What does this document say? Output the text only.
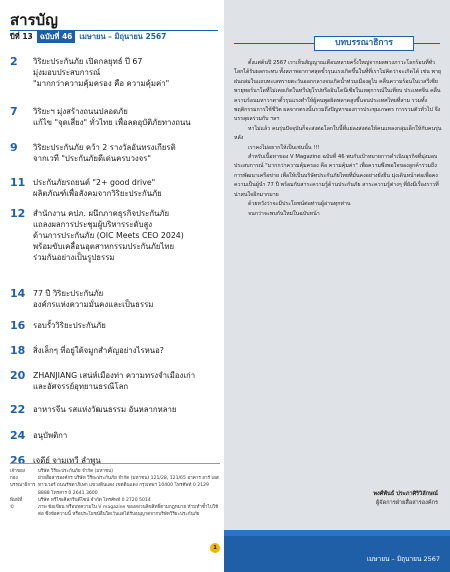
สารบัญ
ปีที่ 13 ฉบับที่ 46 เมษายน – มิถุนายน 2567
2	วิริยะประกันภัย เปิดกลยุทธ์ ปี 67
มุ่งมอบประสบการณ์
"มากกว่าความคุ้มครอง คือ ความคุ้มค่า"
7	วิริยะฯ มุ่งสร้างถนนปลอดภัย
แก้ไข "จุดเสี่ยง" ทั่วไทย เพื่อลดอุบัติภัยทางถนน
9	วิริยะประกันภัย คว้า 2 รางวัลอันทรงเกียรติ
จากเวที "ประกันภัยดีเด่นครบวงจร"
11 ประกันภัยรถยนต์ "2+ good drive"
ผลิตภัณฑ์เพื่อสังคมจากวิริยะประกันภัย
12 สำนักงาน คปภ. ผนึกภาคธุรกิจประกันภัย
แถลงผลการประชุมผู้บริหารระดับสูง
ด้านการประกันภัย (OIC Meets CEO 2024)
พร้อมขับเคลื่อนอุตสาหกรรมประกันภัยไทย
ร่วมกันอย่างเป็นรูปธรรม
14 77 ปี วิริยะประกันภัย
องค์กรแห่งความมั่นคงและเป็นธรรม
16 รอบรั้ววิริยะประกันภัย
18 สิ่งเล็กๆ ที่อยู่ใต้จมูกสำคัญอย่างไรหนอ?
20 ZHANJIANG เสน่ห์เมืองท่า ความทรงจำเมืองเก่า
และอัศจรรย์อุทยานธรณีโลก
22 อาหารจีน รสแห่งวัฒนธรรม อันหลากหลาย
24 อนุบัพติกา
26 เจดีย์ จามเทวี ลำพูน
เจ้าของ	บริษัท วิริยะประกันภัย จำกัด (มหาชน)
กองบรรณาธิการ
ฝ่ายสื่อสารองค์กร บริษัท วิริยะประกันภัย จำกัด (มหาชน) 121/28, 121/65 อาคาร อาร์ เอส ทาวเวอร์ ถนนรัชดาภิเษก แขวงดินแดง เขตดินแดง กรุงเทพฯ 10400 โทรศัพท์ 0 2129 8888 โทรสาร 0 2641 3600
พิมพ์ที่	บริษัท ทรีไซเคิลกรีนดีไซน์ จำกัด โทรศัพท์ 0 2720 5014
©	ภาพ ข้อเขียน หรือบทความใน V magazine ของสงวนลิขสิทธิ์ตามกฎหมาย ห้ามทำซ้ำไปใช้ต่อ ซึ่งข้อความนี้ หรือประโยชน์อื่นใดเว้นแต่ได้รับอนุญาตจากบริษัทวิริยะประกันภัย
บทบรรณาธิการ

ตั้งแต่ต้นปี 2567 เราเห็นสัญญาณเตือนหลายครั้งใหญ่จากผลพวงภาวะโลกร้อนที่ทั่วโลกได้รับผลกระทบ ทั้งสภาพอากาศสุดขั้วรุนแรงเกิดขึ้นในที่ที่เราไม่คิดว่าจะเกิดได้ เช่น พายุฝนถล่มในแถบทะเลทรายตะวันออกกลางจนเกิดน้ำท่วมเมืองดูไบ คลื่นความร้อนในเวสวีเซีย พายุทอร์นาโดที่ไม่เคยเกิดในทวีปยุโรปหรืออินโดนีเซียในเหตุการณ์ในเทียบ ประเทศจีน คลื่นความร้อนมหาวาตาตั้วรุนแรงทำให้ผู้คนพูดผิดพลาดสูงขึ้นจนประเทศไทยที่สาม รวมทั้งพฤติกรรมการใช้ชีวิต ผลจากตรงนั้นรวมถึงปัญหาของการประชุมเกษตร การรวมตัวทั่วไป จึงบรรลุผลร่วมกับ ฯลฯ

หาไม่แล้ว คนรุ่นปัจจุบันก็จะส่งต่อโลกใบนี้ที่แย่ลงส่งต่อให้คนแหลงกลุ่มเด็กให้กับคนรุ่นหลัง

เราคงไม่อยากให้เป็นเช่นนั้น !!!

สำหรับเนื้อหาของ V Magazine ฉบับที่ 46 พบกับเป้าหมายการดำเนินธุรกิจที่มุ่งมอบประสบการณ์ "มากกว่าความคุ้มครอง คือ ความคุ้มค่า" เพื่อความพึงพอใจของลูกค้าร่วมถึงการพัฒนาเครือข่าย เพื่อให้เป็นบริษัทประกันภัยไทยที่มั่นคงอย่างยั่งยืน มุ่งเดินหน้าต่อเพื่อคงความเป็นผู้นำ 77 ปี พร้อมกับสาระความรู้ด้านประกันภัย สาระความรู้ต่างๆ ที่ยังมีเรื่องราวที่น่าสนใจอีกมากมาย

ด้วยหวังว่าจะมีประโยชน์ต่อท่านผู้อ่านทุกท่าน

จนกว่าจะพบกันใหม่ในฉบับหน้า

พงศ์พันธ์ ประภาศิริวิลักษณ์
ผู้จัดการฝ่ายสื่อสารองค์กร
เมษายน – มิถุนายน 2567
1
